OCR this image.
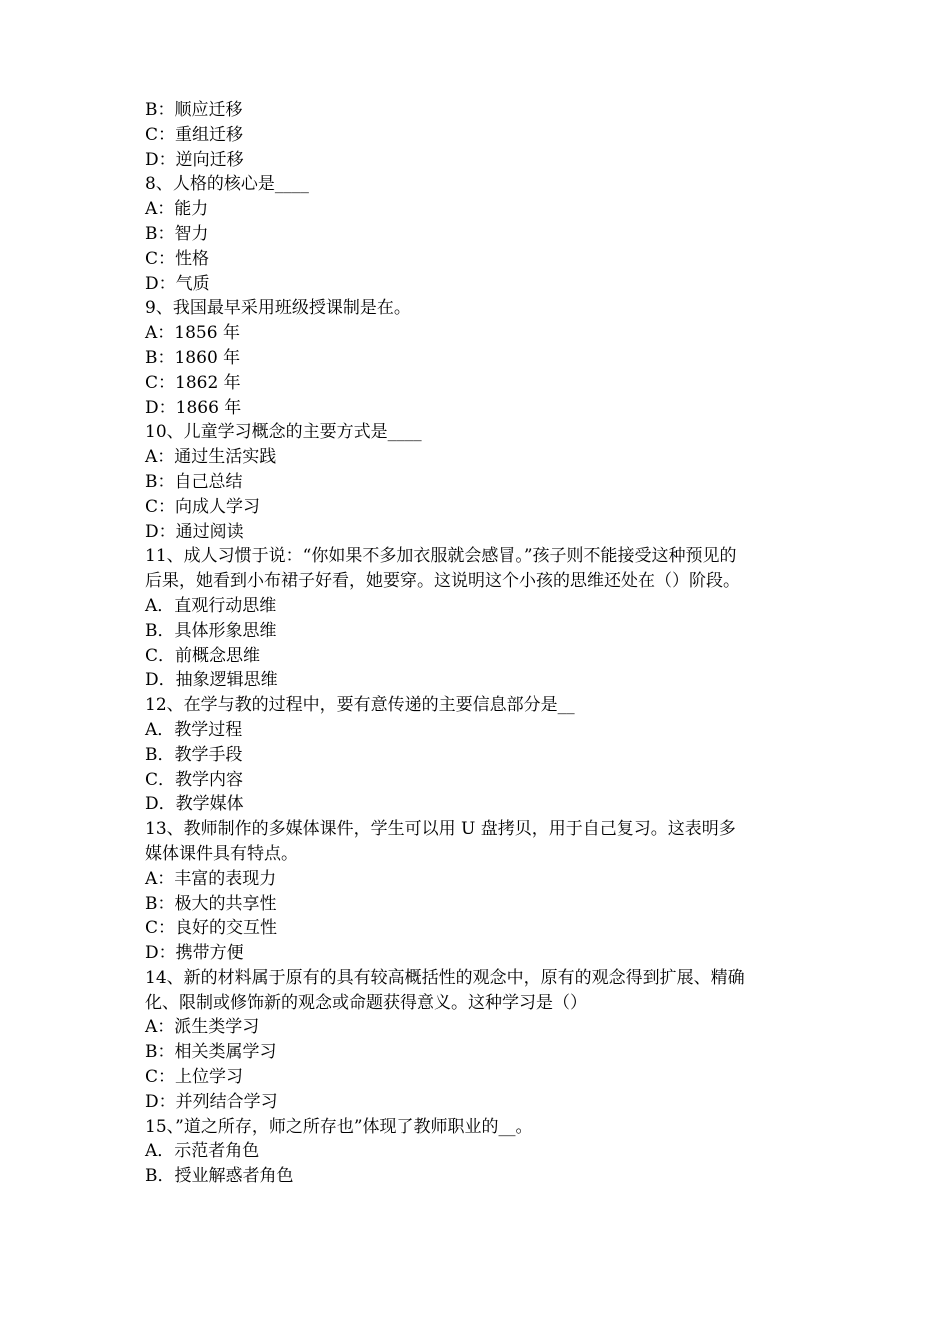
B：顺应迁移
C：重组迁移
D：逆向迁移
8、人格的核心是____
A：能力
B：智力
C：性格
D：气质
9、我国最早采用班级授课制是在。
A：1856 年
B：1860 年
C：1862 年
D：1866 年
10、儿童学习概念的主要方式是____
A：通过生活实践
B：自己总结
C：向成人学习
D：通过阅读
11、成人习惯于说：“你如果不多加衣服就会感冒。”孩子则不能接受这种预见的
后果，她看到小布裙子好看，她要穿。这说明这个小孩的思维还处在（）阶段。
A．直观行动思维
B．具体形象思维
C．前概念思维
D．抽象逻辑思维
12、在学与教的过程中，要有意传递的主要信息部分是__
A．教学过程
B．教学手段
C．教学内容
D．教学媒体
13、教师制作的多媒体课件，学生可以用 U 盘拷贝，用于自己复习。这表明多
媒体课件具有特点。
A：丰富的表现力
B：极大的共享性
C：良好的交互性
D：携带方便
14、新的材料属于原有的具有较高概括性的观念中，原有的观念得到扩展、精确
化、限制或修饰新的观念或命题获得意义。这种学习是（）
A：派生类学习
B：相关类属学习
C：上位学习
D：并列结合学习
15、”道之所存，师之所存也”体现了教师职业的__。
A．示范者角色
B．授业解惑者角色
